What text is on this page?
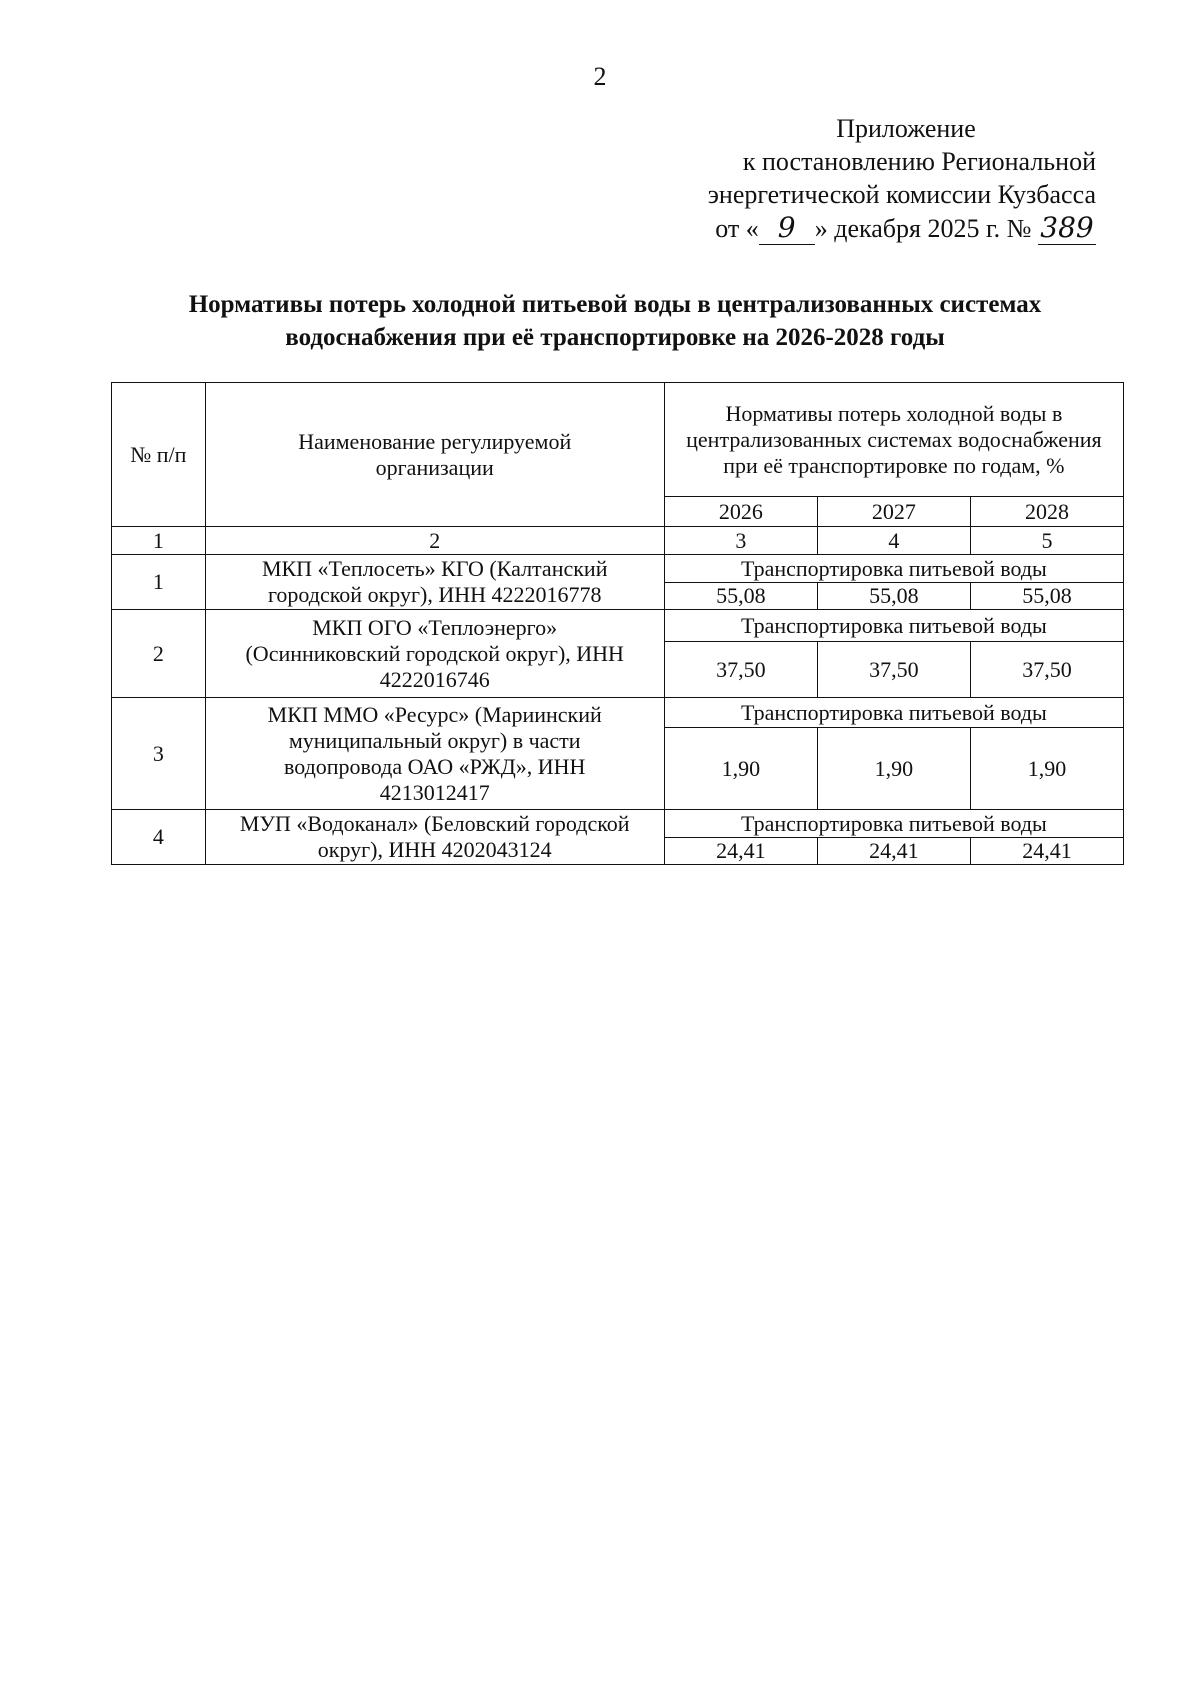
2
Приложение
к постановлению Региональной
энергетической комиссии Кузбасса
от « 9 » декабря 2025 г. № 389
Нормативы потерь холодной питьевой воды в централизованных системах
водоснабжения при её транспортировке на 2026-2028 годы
№ п/п	Наименование регулируемой организации	Нормативы потерь холодной воды в централизованных системах водоснабжения при её транспортировке по годам, %		
		2026	2027	2028
1	2	3	4	5
1	МКП «Теплосеть» КГО (Калтанский городской округ), ИНН 4222016778	Транспортировка питьевой воды		
		55,08	55,08	55,08
2	МКП ОГО «Теплоэнерго» (Осинниковский городской округ), ИНН 4222016746	Транспортировка питьевой воды		
		37,50	37,50	37,50
3	МКП ММО «Ресурс» (Мариинский муниципальный округ) в части водопровода ОАО «РЖД», ИНН 4213012417	Транспортировка питьевой воды		
		1,90	1,90	1,90
4	МУП «Водоканал» (Беловский городской округ), ИНН 4202043124	Транспортировка питьевой воды		
		24,41	24,41	24,41
